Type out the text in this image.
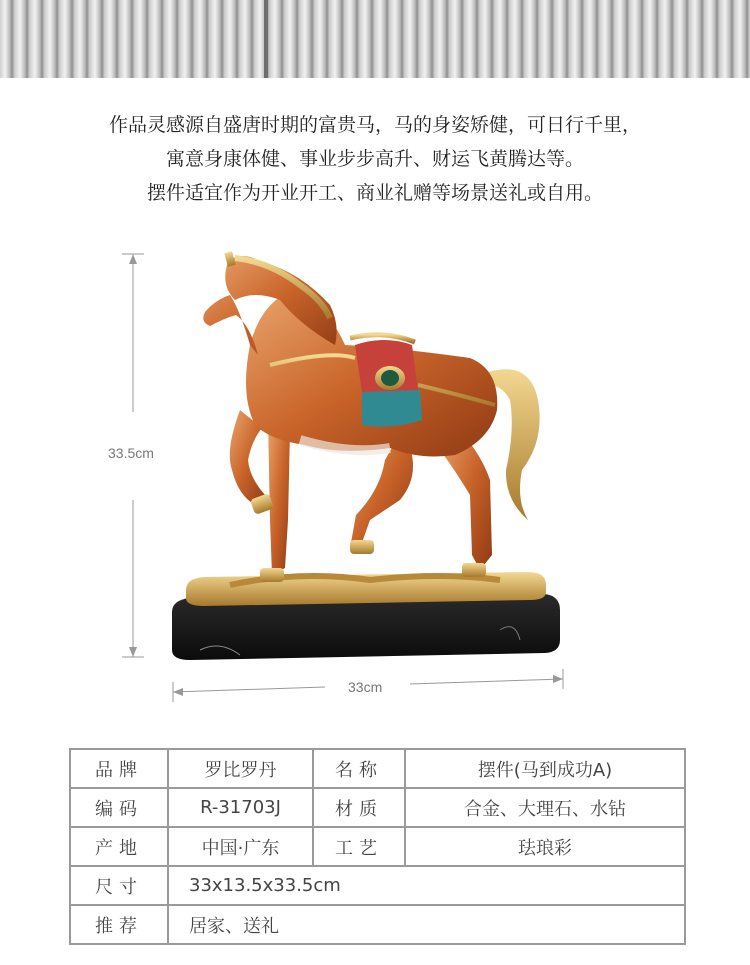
作品灵感源自盛唐时期的富贵马，马的身姿矫健，可日行千里，
寓意身康体健、事业步步高升、财运飞黄腾达等。
摆件适宜作为开业开工、商业礼赠等场景送礼或自用。
33.5cm
33cm
品牌	罗比罗丹	名称	摆件(马到成功A)
编码	R-31703J	材质	合金、大理石、水钻
产地	中国·广东	工艺	珐琅彩
尺寸	33x13.5x33.5cm		
推荐	居家、送礼		
